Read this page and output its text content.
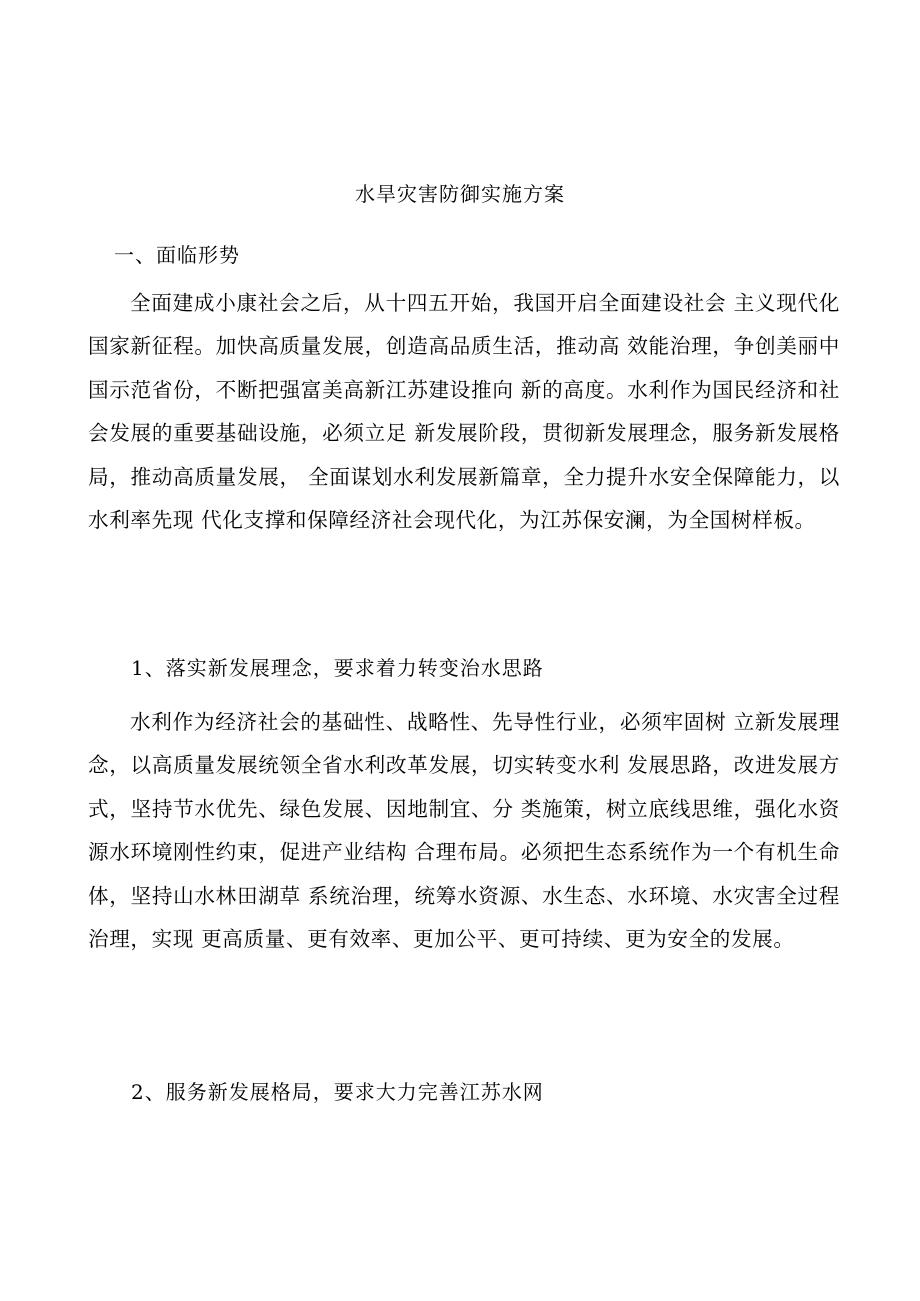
水旱灾害防御实施方案
一、面临形势

全面建成小康社会之后，从十四五开始，我国开启全面建设社会 主义现代化国家新征程。加快高质量发展，创造高品质生活，推动高 效能治理，争创美丽中国示范省份，不断把强富美高新江苏建设推向 新的高度。水利作为国民经济和社会发展的重要基础设施，必须立足 新发展阶段，贯彻新发展理念，服务新发展格局，推动高质量发展， 全面谋划水利发展新篇章，全力提升水安全保障能力，以水利率先现 代化支撑和保障经济社会现代化，为江苏保安澜，为全国树样板。

1、落实新发展理念，要求着力转变治水思路

水利作为经济社会的基础性、战略性、先导性行业，必须牢固树 立新发展理念，以高质量发展统领全省水利改革发展，切实转变水利 发展思路，改进发展方式，坚持节水优先、绿色发展、因地制宜、分 类施策，树立底线思维，强化水资源水环境刚性约束，促进产业结构 合理布局。必须把生态系统作为一个有机生命体，坚持山水林田湖草 系统治理，统筹水资源、水生态、水环境、水灾害全过程治理，实现 更高质量、更有效率、更加公平、更可持续、更为安全的发展。

2、服务新发展格局，要求大力完善江苏水网
